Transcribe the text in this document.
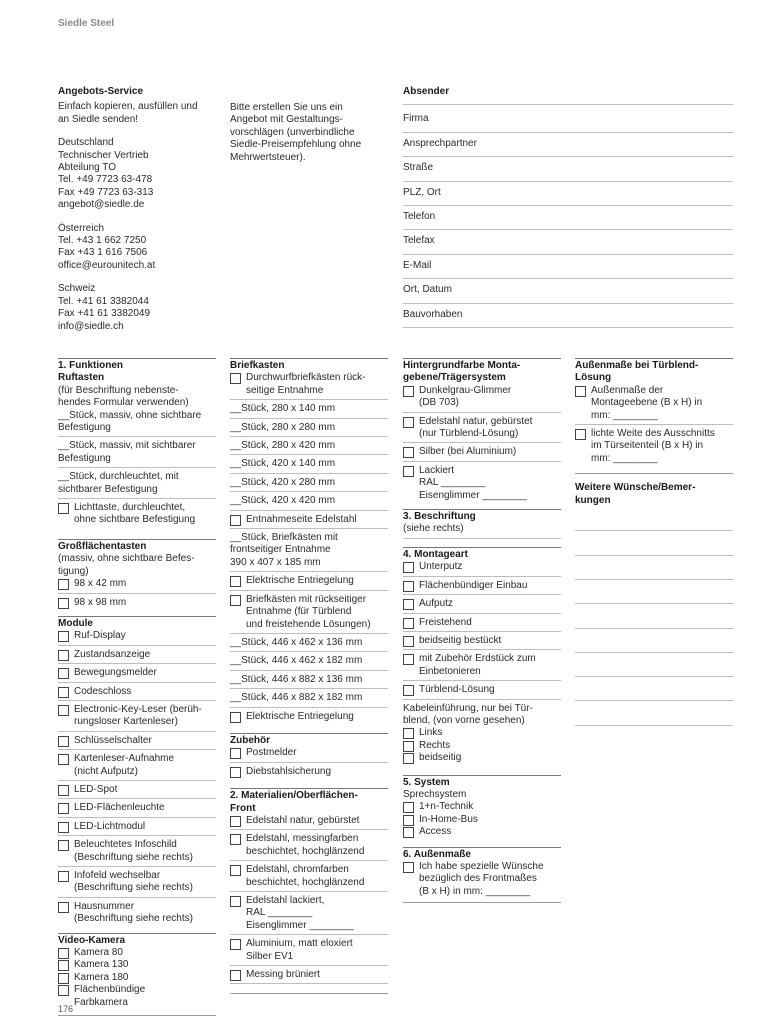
Siedle Steel
Angebots-Service
Einfach kopieren, ausfüllen und
an Siedle senden!
Deutschland
Technischer Vertrieb
Abteilung TO
Tel. +49 7723 63-478
Fax +49 7723 63-313
angebot@siedle.de
Österreich
Tel. +43 1 662 7250
Fax +43 1 616 7506
office@eurounitech.at
Schweiz
Tel. +41 61 3382044
Fax +41 61 3382049
info@siedle.ch
Bitte erstellen Sie uns ein
Angebot mit Gestaltungs-
vorschlägen (unverbindliche
Siedle-Preisempfehlung ohne
Mehrwertsteuer).
Absender
Firma
Ansprechpartner
Straße
PLZ, Ort
Telefon
Telefax
E-Mail
Ort, Datum
Bauvorhaben
1. Funktionen
Ruftasten
(für Beschriftung nebenste-
hendes Formular verwenden)
__Stück, massiv, ohne sichtbare
Befestigung
__Stück, massiv, mit sichtbarer
Befestigung
__Stück, durchleuchtet, mit
sichtbarer Befestigung
Lichttaste, durchleuchtet,
ohne sichtbare Befestigung
Großflächentasten
(massiv, ohne sichtbare Befes-
tigung)
98 x 42 mm
98 x 98 mm
Module
Ruf-Display
Zustandsanzeige
Bewegungsmelder
Codeschloss
Electronic-Key-Leser (berüh-
rungsloser Kartenleser)
Schlüsselschalter
Kartenleser-Aufnahme
(nicht Aufputz)
LED-Spot
LED-Flächenleuchte
LED-Lichtmodul
Beleuchtetes Infoschild
(Beschriftung siehe rechts)
Infofeld wechselbar
(Beschriftung siehe rechts)
Hausnummer
(Beschriftung siehe rechts)
Video-Kamera
Kamera 80
Kamera 130
Kamera 180
Flächenbündige
Farbkamera
Briefkasten
Durchwurfbriefkästen rück-
seitige Entnahme
__Stück, 280 x 140 mm
__Stück, 280 x 280 mm
__Stück, 280 x 420 mm
__Stück, 420 x 140 mm
__Stück, 420 x 280 mm
__Stück, 420 x 420 mm
Entnahmeseite Edelstahl
__Stück, Briefkästen mit
frontseitiger Entnahme
390 x 407 x 185 mm
Elektrische Entriegelung
Briefkästen mit rückseitiger
Entnahme (für Türblend
und freistehende Lösungen)
__Stück, 446 x 462 x 136 mm
__Stück, 446 x 462 x 182 mm
__Stück, 446 x 882 x 136 mm
__Stück, 446 x 882 x 182 mm
Elektrische Entriegelung
Zubehör
Postmelder
Diebstahlsicherung
2. Materialien/Oberflächen-
Front
Edelstahl natur, gebürstet
Edelstahl, messingfarben
beschichtet, hochglänzend
Edelstahl, chromfarben
beschichtet, hochglänzend
Edelstahl lackiert,
RAL ________
Eisenglimmer ________
Aluminium, matt eloxiert
Silber EV1
Messing brüniert
Hintergrundfarbe Monta-
gebene/Trägersystem
Dunkelgrau-Glimmer
(DB 703)
Edelstahl natur, gebürstet
(nur Türblend-Lösung)
Silber (bei Aluminium)
Lackiert
RAL ________
Eisenglimmer ________
3. Beschriftung
(siehe rechts)
4. Montageart
Unterputz
Flächenbündiger Einbau
Aufputz
Freistehend
beidseitig bestückt
mit Zubehör Erdstück zum
Einbetonieren
Türblend-Lösung
Kabeleinführung, nur bei Tür-
blend, (von vorne gesehen)
Links
Rechts
beidseitig
5. System
Sprechsystem
1+n-Technik
In-Home-Bus
Access
6. Außenmaße
Ich habe spezielle Wünsche
bezüglich des Frontmaßes
(B x H) in mm: ________
Außenmaße bei Türblend-
Lösung
Außenmaße der
Montageebene (B x H) in
mm: ________
lichte Weite des Ausschnitts
im Türseitenteil (B x H) in
mm: ________
Weitere Wünsche/Bemer-
kungen
176
